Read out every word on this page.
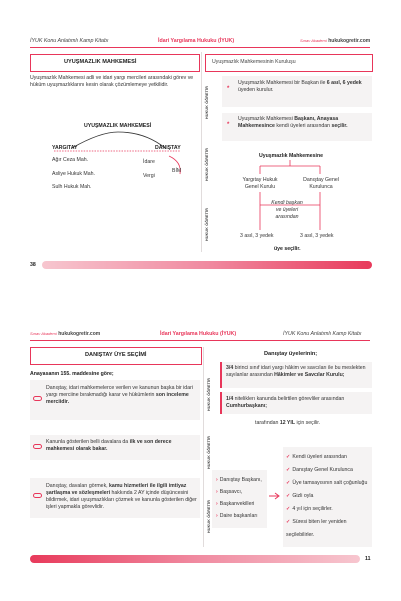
İYUK Konu Anlatımlı Kamp Kitabı	İdari Yargılama Hukuku (İYUK)	Sınav Akademi hukukogretir.com
UYUŞMAZLIK MAHKEMESİ
Uyuşmazlık Mahkemesi adli ve idari yargı mercileri arasındaki görev ve hüküm uyuşmazlıklarını kesin olarak çözümlemeye yetkilidir.
UYUŞMAZLIK MAHKEMESİ
YARGITAY	DANIŞTAY
Ağır Ceza Mah.
Asliye Hukuk Mah.
Sulh Hukuk Mah.
İdare
Vergi
BİM
Uyuşmazlık Mahkemesinin Kuruluşu
HUKUK ÖĞRETİR
HUKUK ÖĞRETİR
HUKUK ÖĞRETİR
*
Uyuşmazlık Mahkemesi bir Başkan ile 6 asıl, 6 yedek üyeden kurulur.
*
Uyuşmazlık Mahkemesi Başkanı, Anayasa Mahkemesince kendi üyeleri arasından seçilir.
Uyuşmazlık Mahkemesine
Yargıtay Hukuk Genel Kurulu
Danıştay Genel Kurulunca
Kendi başkan ve üyeleri arasından
3 asıl, 3 yedek	3 asıl, 3 yedek
üye seçilir.
38
Sınav Akademi hukukogretir.com	İdari Yargılama Hukuku (İYUK)	İYUK Konu Anlatımlı Kamp Kitabı
DANIŞTAY ÜYE SEÇİMİ
Anayasanın 155. maddesine göre;
Danıştay, idari mahkemelerce verilen ve kanunun başka bir idari yargı merciine bırakmadığı karar ve hükümlerin son inceleme merciidir.
Kanunla gösterilen belli davalara da ilk ve son derece mahkemesi olarak bakar.
Danıştay, davaları görmek, kamu hizmetleri ile ilgili imtiyaz şartlaşma ve sözleşmeleri hakkında 2 AY içinde düşüncesini bildirmek, idari uyuşmazlıkları çözmek ve kanunla gösterilen diğer işleri yapmakla görevlidir.
Danıştay üyelerinin;
HUKUK ÖĞRETİR
HUKUK ÖĞRETİR
HUKUK ÖĞRETİR
3/4 birinci sınıf idari yargı hâkim ve savcıları ile bu meslekten sayılanlar arasından Hâkimler ve Savcılar Kurulu;
1/4 niteliklerı kanunda belirtilen görevliler arasından Cumhurbaşkanı;
tarafından 12 YIL için seçilir.
› Danıştay Başkanı,
› Başsavcı,
› Başkanvekilleri
› Daire başkanları
✓ Kendi üyeleri arasından
✓ Danıştay Genel Kurulunca
✓ Üye tamsayısının salt çoğunluğu
✓ Gizli oyla
✓ 4 yıl için seçilirler.
✓ Süresi biten ler yeniden
seçilebilirler.
11
